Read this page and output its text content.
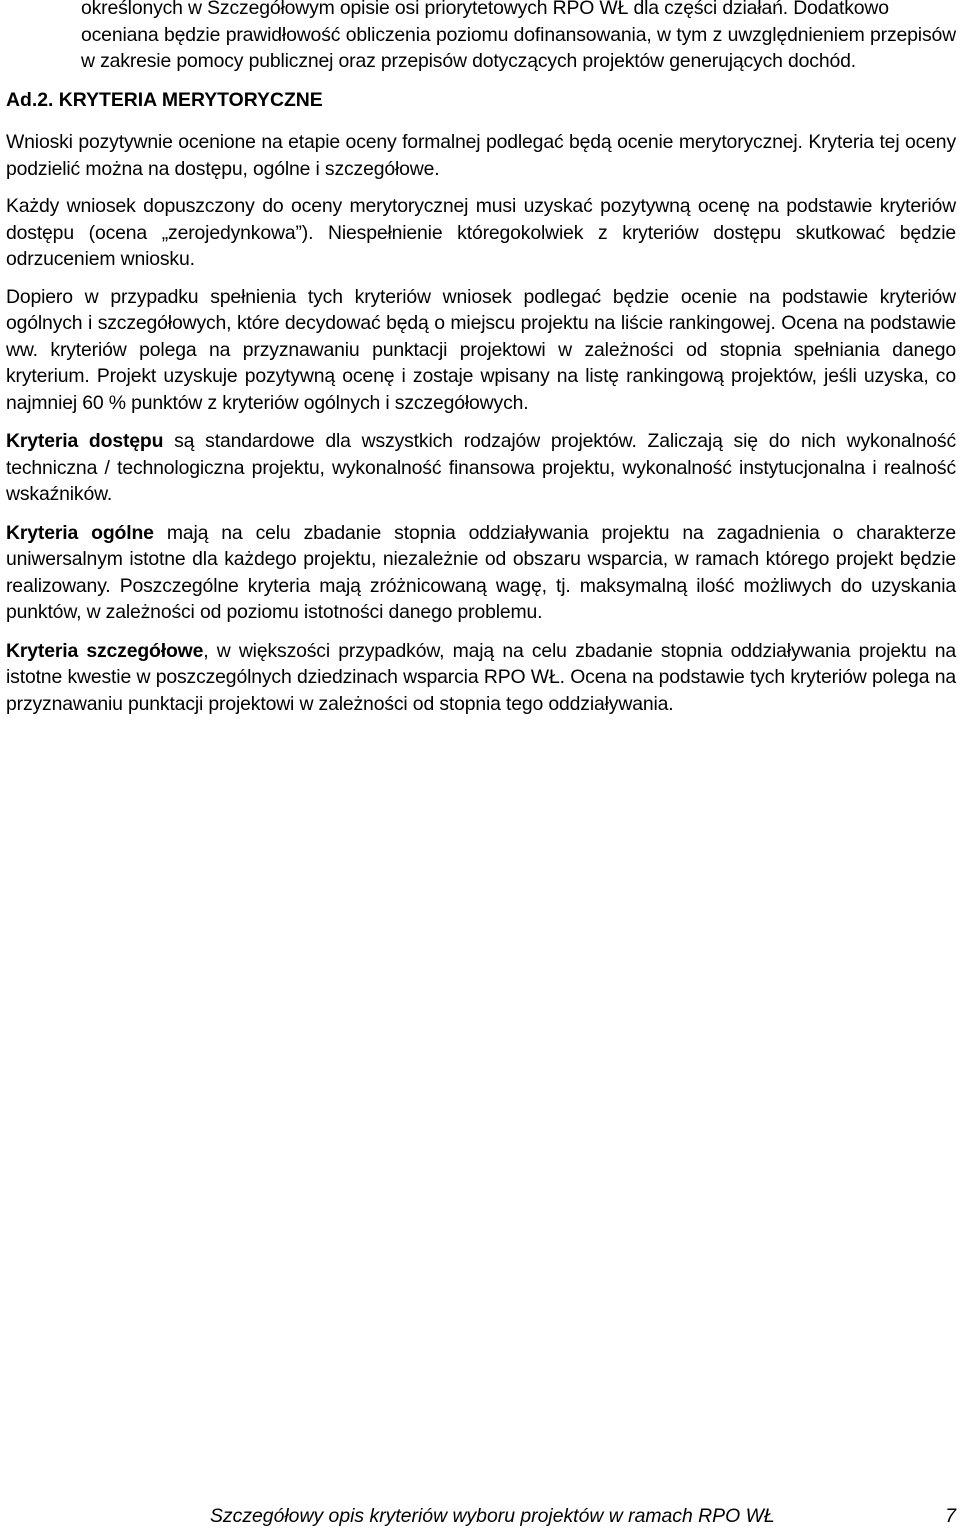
określonych w Szczegółowym opisie osi priorytetowych RPO WŁ dla części działań. Dodatkowo

oceniana będzie prawidłowość obliczenia poziomu dofinansowania, w tym z uwzględnieniem przepisów w zakresie pomocy publicznej oraz przepisów dotyczących projektów generujących dochód.

Ad.2. KRYTERIA MERYTORYCZNE

Wnioski pozytywnie ocenione na etapie oceny formalnej podlegać będą ocenie merytorycznej. Kryteria tej oceny podzielić można na dostępu, ogólne i szczegółowe.

Każdy wniosek dopuszczony do oceny merytorycznej musi uzyskać pozytywną ocenę na podstawie kryteriów dostępu (ocena „zerojedynkowa”). Niespełnienie któregokolwiek z kryteriów dostępu skutkować będzie odrzuceniem wniosku.

Dopiero w przypadku spełnienia tych kryteriów wniosek podlegać będzie ocenie na podstawie kryteriów ogólnych i szczegółowych, które decydować będą o miejscu projektu na liście rankingowej. Ocena na podstawie ww. kryteriów polega na przyznawaniu punktacji projektowi w zależności od stopnia spełniania danego kryterium. Projekt uzyskuje pozytywną ocenę i zostaje wpisany na listę rankingową projektów, jeśli uzyska, co najmniej 60 % punktów z kryteriów ogólnych i szczegółowych.

Kryteria dostępu są standardowe dla wszystkich rodzajów projektów. Zaliczają się do nich wykonalność techniczna / technologiczna projektu, wykonalność finansowa projektu, wykonalność instytucjonalna i realność wskaźników.

Kryteria ogólne mają na celu zbadanie stopnia oddziaływania projektu na zagadnienia o charakterze uniwersalnym istotne dla każdego projektu, niezależnie od obszaru wsparcia, w ramach którego projekt będzie realizowany. Poszczególne kryteria mają zróżnicowaną wagę, tj. maksymalną ilość możliwych do uzyskania punktów, w zależności od poziomu istotności danego problemu.

Kryteria szczegółowe, w większości przypadków, mają na celu zbadanie stopnia oddziaływania projektu na istotne kwestie w poszczególnych dziedzinach wsparcia RPO WŁ. Ocena na podstawie tych kryteriów polega na przyznawaniu punktacji projektowi w zależności od stopnia tego oddziaływania.

Szczegółowy opis kryteriów wyboru projektów w ramach RPO WŁ	7
